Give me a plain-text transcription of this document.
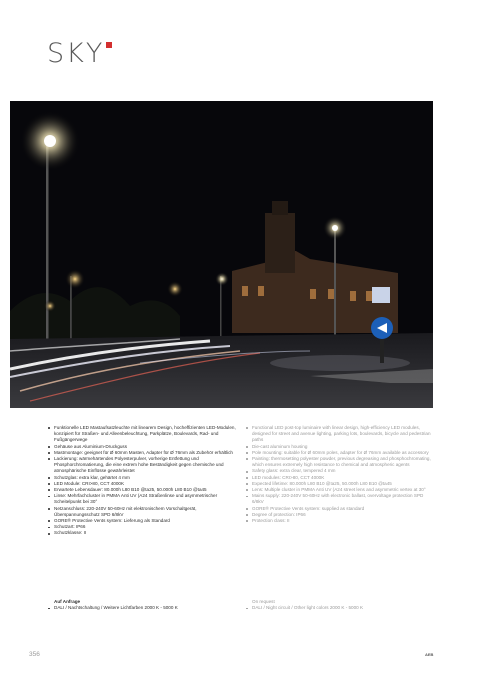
SKY
Funktionelle LED Mastaufsatzleuchte mit linearem Design, hocheffizienten LED-Modulen, konzipiert für Straßen- und Alleenbeleuchtung, Parkplätze, Boulevards, Rad- und Fußgängerwege
Gehäuse aus Aluminium-Druckguss
Mastmontage: geeignet für Ø 60mm Masten, Adapter für Ø 76mm als Zubehör erhältlich
Lackierung: wärmehärtendes Polyesterpulver, vorherige Entfettung und Phosphorchromatierung, die eine extrem hohe Beständigkeit gegen chemische und atmosphärische Einflüsse gewährleistet
Schutzglas: extra klar, gehärtet 4 mm
LED Module: CRI>80, CCT 4000K
Erwartete Lebensdauer: 80.000h L80 B10 @ta25, 50.000h L80 B10 @ta45
Linse: Mehrfachcluster in PMMA Anti UV (A24 Straßenlinse und asymmetrischer Scheitelpunkt bei 30°
Netzanschluss: 220-240V 50-60Hz mit elektronischem Vorschaltgerät, Überspannungsschutz SPD 6/8kV
GORE® Protective Vents system: Lieferung als Standard
Schutzart: IP66
Schutzklasse: II
Functional LED post-top luminaire with linear design, high-efficiency LED modules, designed for street and avenue lighting, parking lots, boulevards, bicycle and pedestrian paths
Die-cast aluminum housing
Pole mounting: suitable for Ø 60mm poles, adapter for Ø 76mm available as accessory
Painting: thermosetting polyester powder, previous degreasing and phosphochromating, which ensures extremely high resistance to chemical and atmospheric agents
Safety glass: extra clear, tempered 4 mm
LED modules: CRI>80, CCT 4000K
Expected lifetime: 80.000h L80 B10 @ta25, 50.000h L80 B10 @ta45
Lens: Multiple cluster in PMMA Anti UV (A24 street lens and asymmetric vertex at 30°
Mains supply: 220-240V 50-60Hz with electronic ballast, overvoltage protection SPD 6/8kV
GORE® Protective Vents system: supplied as standard
Degree of protection: IP66
Protection class: II
Auf Anfrage
DALI / Nachtschaltung / Weitere Lichtfarben 2000 K - 5000 K
On request
DALI / Night circuit / Other light colors 2000 K - 5000 K
356	AEB
